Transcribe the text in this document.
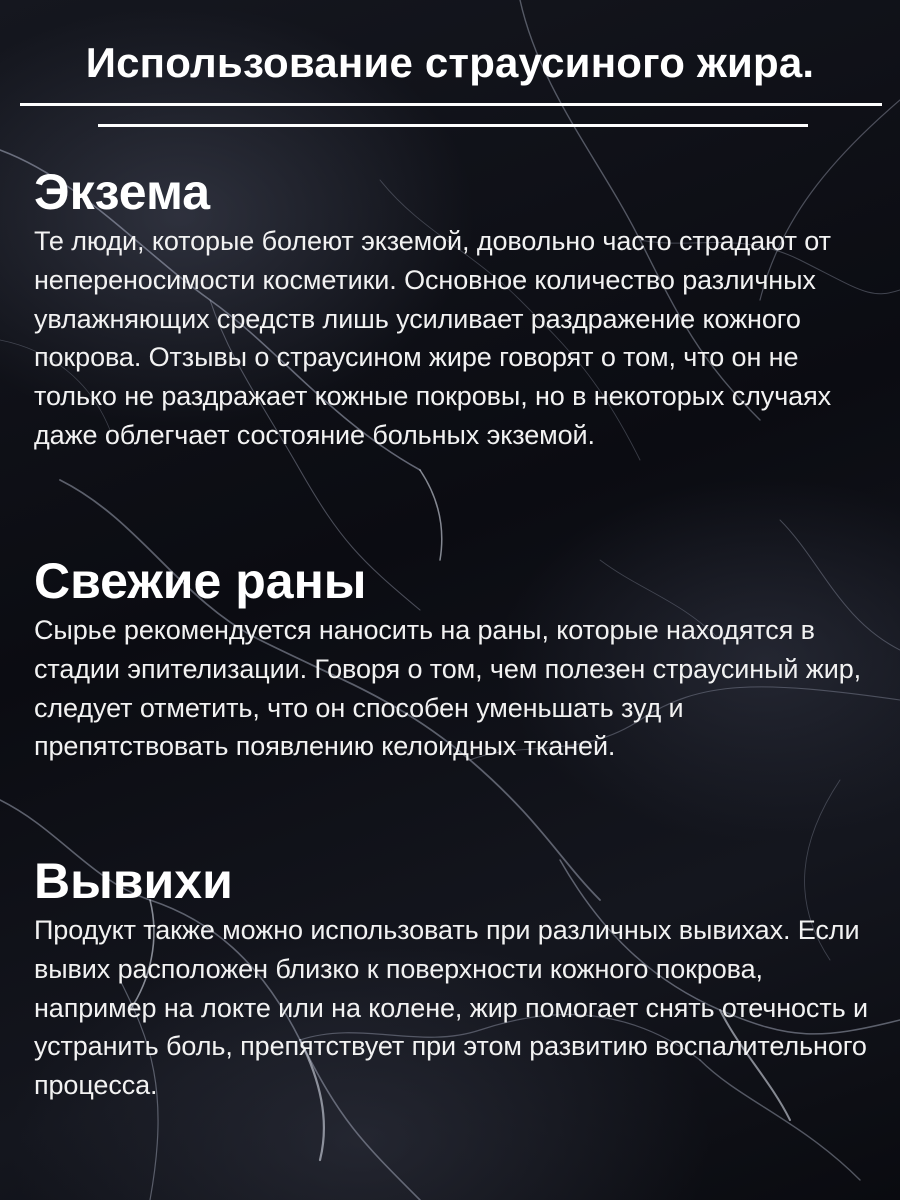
Использование страусиного жира.
Экзема

Те люди, которые болеют экземой, довольно часто страдают от непереносимости косметики. Основное количество различных увлажняющих средств лишь усиливает раздражение кожного покрова. Отзывы о страусином жире говорят о том, что он не только не раздражает кожные покровы, но в некоторых случаях даже облегчает состояние больных экземой.

Свежие раны

Сырье рекомендуется наносить на раны, которые находятся в стадии эпителизации. Говоря о том, чем полезен страусиный жир, следует отметить, что он способен уменьшать зуд и препятствовать появлению келоидных тканей.

Вывихи

Продукт также можно использовать при различных вывихах. Если вывих расположен близко к поверхности кожного покрова, например на локте или на колене, жир помогает снять отечность и устранить боль, препятствует при этом развитию воспалительного процесса.
